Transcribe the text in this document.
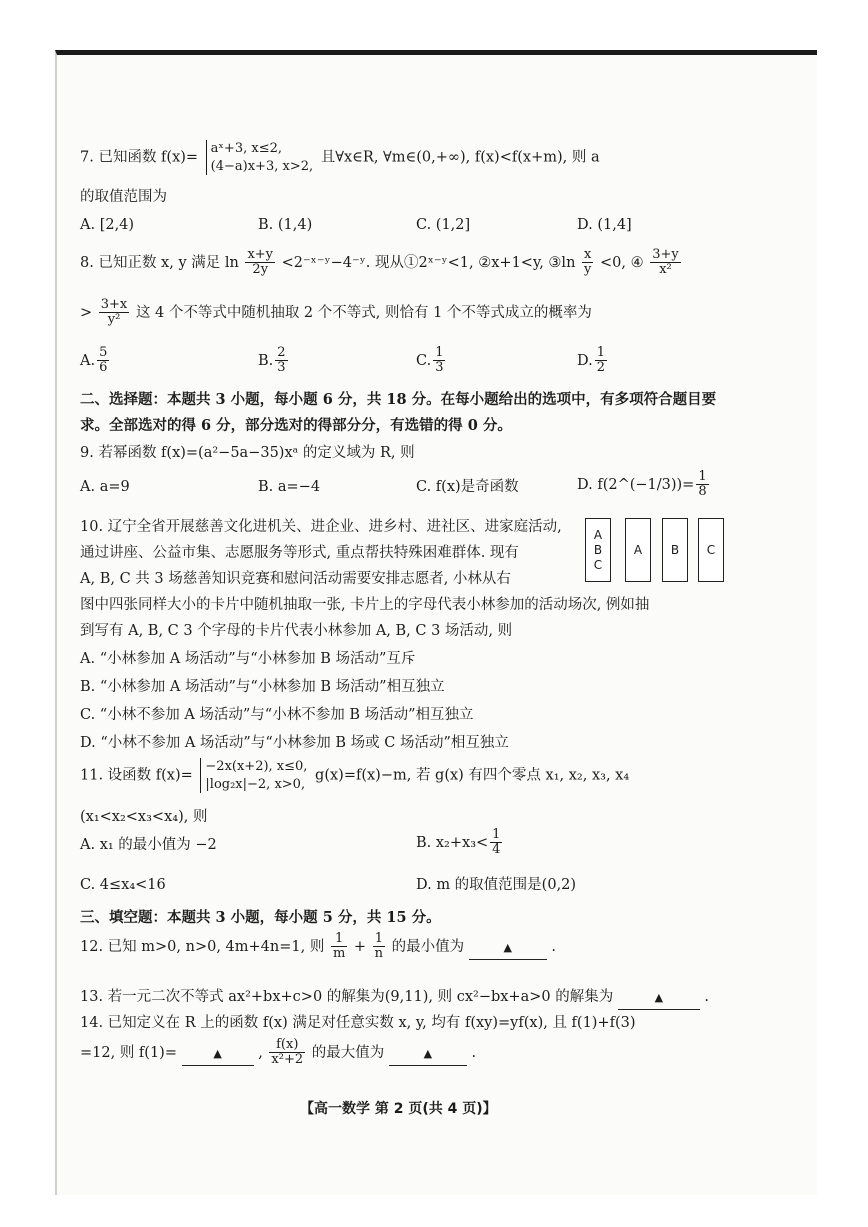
7. 已知函数 f(x)=
aˣ+3, x≤2,
(4−a)x+3, x>2,
且∀x∈R, ∀m∈(0,+∞), f(x)<f(x+m), 则 a
的取值范围为
A. [2,4)	B. (1,4)	C. (1,2]	D. (1,4]
8. 已知正数 x, y 满足 $\ln \frac{x+y}{2y}$ <2⁻ˣ⁻ʸ−4⁻ʸ. 现从①2ˣ⁻ʸ<1, ②x+1<y, ③ln $\frac{x}{y} <0$, ④ $\frac{3+y}{\text{x²}}$
> $\frac{3+x}{\text{y²}}$ 这 4 个不等式中随机抽取 2 个不等式, 则恰有 1 个不等式成立的概率为
A. $\frac{5}{6}$	B. $\frac{2}{3}$	C. $\frac{1}{3}$	D. $\frac{1}{2}$
二、选择题：本题共 3 小题，每小题 6 分，共 18 分。在每小题给出的选项中，有多项符合题目要
求。全部选对的得 6 分，部分选对的得部分分，有选错的得 0 分。
9. 若幂函数 f(x)=(a²−5a−35)xᵃ 的定义域为 R, 则
A. a=9	B. a=−4	C. f(x)是奇函数	D. f(2^(−1/3))= $\frac{1}{8}$
10. 辽宁全省开展慈善文化进机关、进企业、进乡村、进社区、进家庭活动,
通过讲座、公益市集、志愿服务等形式, 重点帮扶特殊困难群体. 现有
A, B, C 共 3 场慈善知识竞赛和慰问活动需要安排志愿者, 小林从右
图中四张同样大小的卡片中随机抽取一张, 卡片上的字母代表小林参加的活动场次, 例如抽
到写有 A, B, C 3 个字母的卡片代表小林参加 A, B, C 3 场活动, 则
A
B
C
A	B	C
A. “小林参加 A 场活动”与“小林参加 B 场活动”互斥
B. “小林参加 A 场活动”与“小林参加 B 场活动”相互独立
C. “小林不参加 A 场活动”与“小林不参加 B 场活动”相互独立
D. “小林不参加 A 场活动”与“小林参加 B 场或 C 场活动”相互独立
11. 设函数 f(x)=
−2x(x+2), x≤0,
|log₂x|−2, x>0,
g(x)=f(x)−m, 若 g(x) 有四个零点 x₁, x₂, x₃, x₄
(x₁<x₂<x₃<x₄), 则
A. x₁ 的最小值为 −2	B. $x_2+x_3< \frac{1}{4}$
C. 4≤x₄<16	D. m 的取值范围是(0,2)
三、填空题：本题共 3 小题，每小题 5 分，共 15 分。
12. 已知 m>0, n>0, 4m+4n=1, 则 $\frac{1}{m} + \frac{1}{n}$ 的最小值为	▲	.
13. 若一元二次不等式 ax²+bx+c>0 的解集为(9,11), 则 cx²−bx+a>0 的解集为	▲	.
14. 已知定义在 R 上的函数 f(x) 满足对任意实数 x, y, 均有 f(xy)=yf(x), 且 f(1)+f(3)
=12, 则 f(1)=	▲	, $\frac{f(x)}{\text{x²+2}}$ 的最大值为	▲	.
【高一数学 第 2 页(共 4 页)】
